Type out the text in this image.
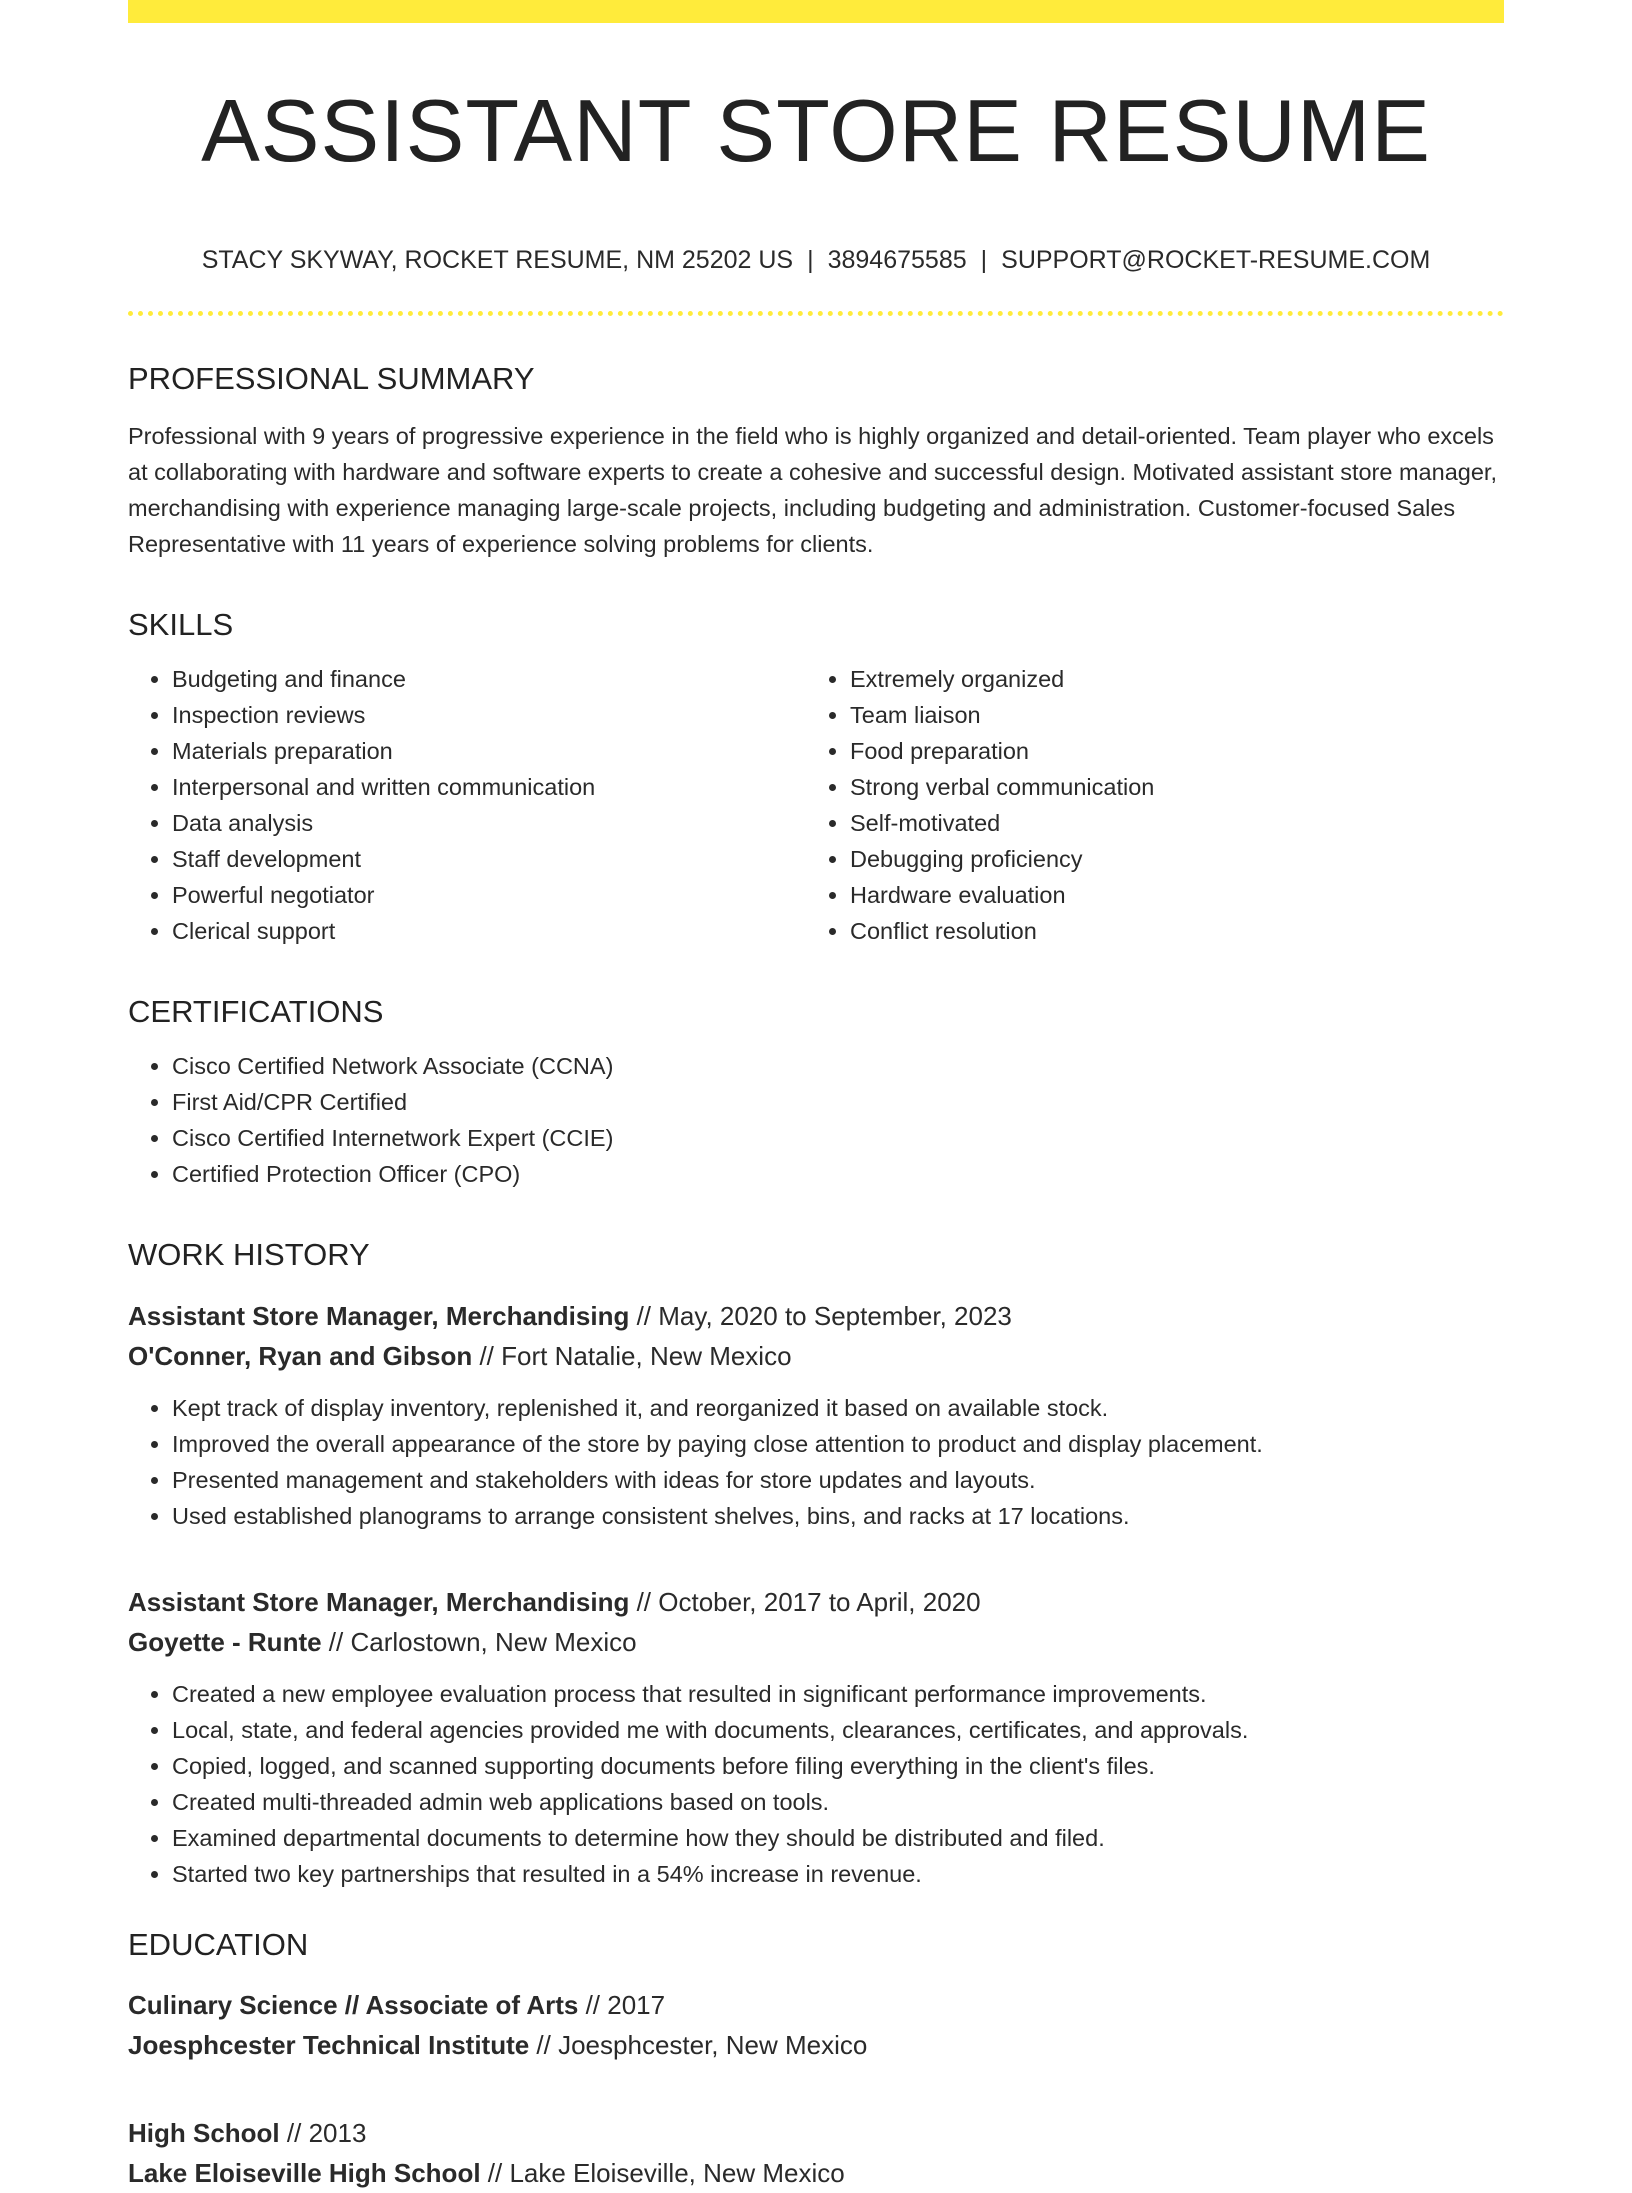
ASSISTANT STORE RESUME
STACY SKYWAY, ROCKET RESUME, NM 25202 US | 3894675585 | SUPPORT@ROCKET-RESUME.COM
PROFESSIONAL SUMMARY

Professional with 9 years of progressive experience in the field who is highly organized and detail-oriented. Team player who excels at collaborating with hardware and software experts to create a cohesive and successful design. Motivated assistant store manager, merchandising with experience managing large-scale projects, including budgeting and administration. Customer-focused Sales Representative with 11 years of experience solving problems for clients.

SKILLS
• Budgeting and finance
• Inspection reviews
• Materials preparation
• Interpersonal and written communication
• Data analysis
• Staff development
• Powerful negotiator
• Clerical support
• Extremely organized
• Team liaison
• Food preparation
• Strong verbal communication
• Self-motivated
• Debugging proficiency
• Hardware evaluation
• Conflict resolution
CERTIFICATIONS
• Cisco Certified Network Associate (CCNA)
• First Aid/CPR Certified
• Cisco Certified Internetwork Expert (CCIE)
• Certified Protection Officer (CPO)
WORK HISTORY
Assistant Store Manager, Merchandising // May, 2020 to September, 2023
O'Conner, Ryan and Gibson // Fort Natalie, New Mexico
• Kept track of display inventory, replenished it, and reorganized it based on available stock.
• Improved the overall appearance of the store by paying close attention to product and display placement.
• Presented management and stakeholders with ideas for store updates and layouts.
• Used established planograms to arrange consistent shelves, bins, and racks at 17 locations.
Assistant Store Manager, Merchandising // October, 2017 to April, 2020
Goyette - Runte // Carlostown, New Mexico
• Created a new employee evaluation process that resulted in significant performance improvements.
• Local, state, and federal agencies provided me with documents, clearances, certificates, and approvals.
• Copied, logged, and scanned supporting documents before filing everything in the client's files.
• Created multi-threaded admin web applications based on tools.
• Examined departmental documents to determine how they should be distributed and filed.
• Started two key partnerships that resulted in a 54% increase in revenue.
EDUCATION
Culinary Science // Associate of Arts // 2017
Joesphcester Technical Institute // Joesphcester, New Mexico
High School // 2013
Lake Eloiseville High School // Lake Eloiseville, New Mexico
